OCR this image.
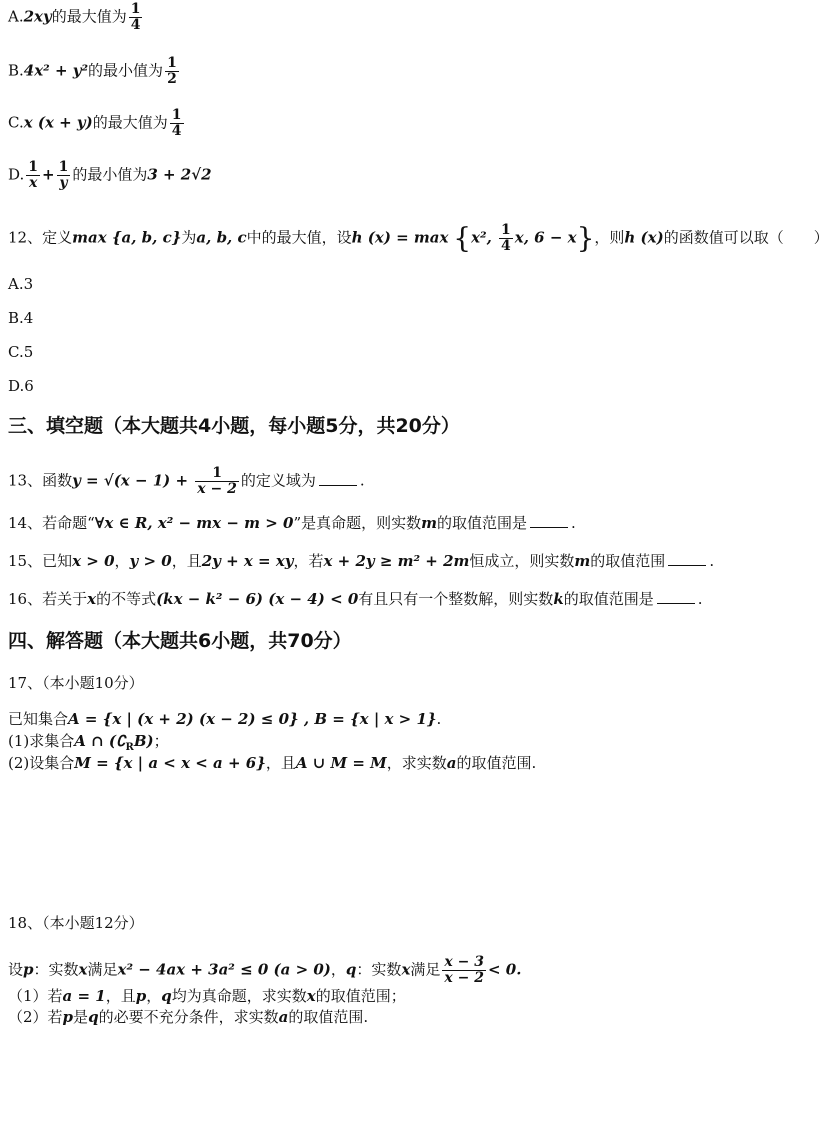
A.2xy的最大值为 $\frac{1}{4}$
B.4x² + y²的最小值为 $\frac{1}{2}$
C.x (x + y)的最大值为 $\frac{1}{4}$
D. $\frac{1}{x} + \frac{1}{y}$ 的最小值为3 + 2√2
12、定义max {a, b, c}为a, b, c中的最大值，设h (x) = max {x², $\frac{1}{4} x$, 6 − x}，则h (x)的函数值可以取（　　）
A.3
B.4
C.5
D.6
三、填空题（本大题共4小题，每小题5分，共20分）
13、函数$y = √(x - 1) + \frac{1}{x - 2}$ 的定义域为	.
14、若命题“∀x ∈ R, x² − mx − m > 0”是真命题，则实数m的取值范围是	.
15、已知x > 0，y > 0，且2y + x = xy，若x + 2y ≥ m² + 2m恒成立，则实数m的取值范围	.
16、若关于x的不等式(kx − k² − 6) (x − 4) < 0有且只有一个整数解，则实数k的取值范围是	.
四、解答题（本大题共6小题，共70分）
17、（本小题10分）
已知集合A = {x | (x + 2) (x − 2) ≤ 0} , B = {x | x > 1}.
(1)求集合A ∩ $(∁_RB)$；
(2)设集合M = {x | a < x < a + 6}，且A ∪ M = M，求实数a的取值范围.
18、（本小题12分）
设p：实数x满足x² − 4ax + 3a² ≤ 0 (a > 0)，q：实数x满足 $\frac{x - 3}{x - 2} < 0$.
（1）若a = 1，且p，q均为真命题，求实数x的取值范围；
（2）若p是q的必要不充分条件，求实数a的取值范围.
